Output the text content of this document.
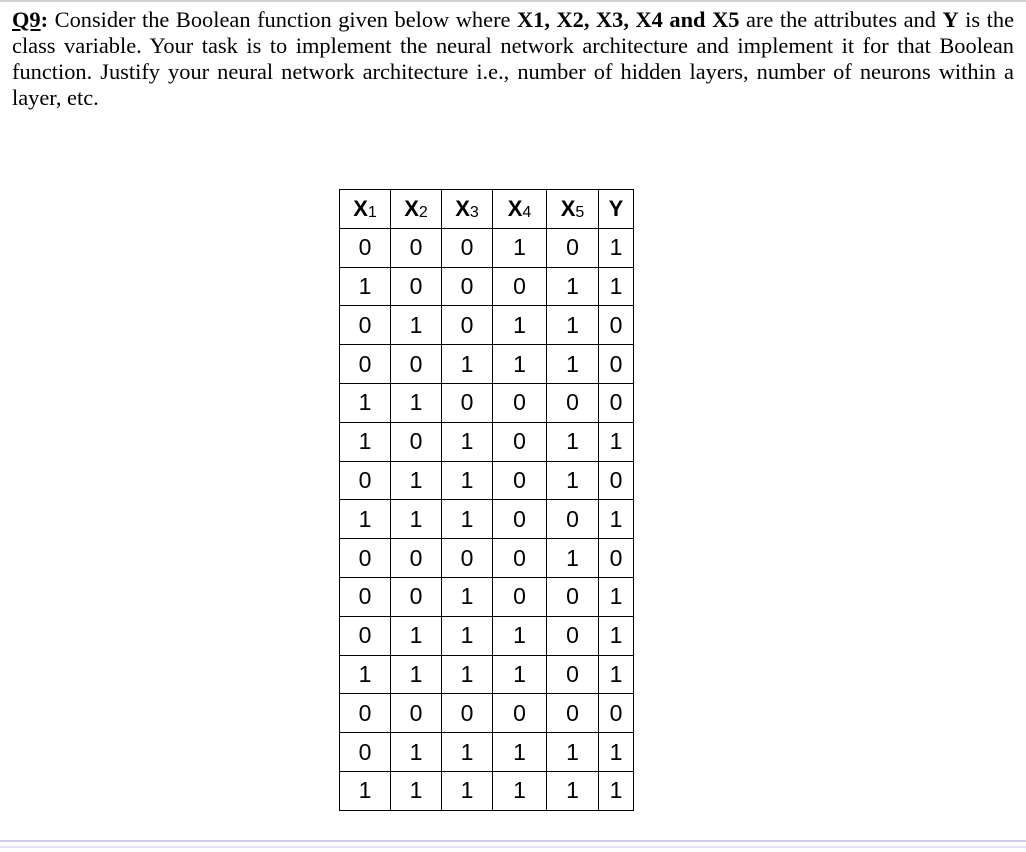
Q9: Consider the Boolean function given below where X1, X2, X3, X4 and X5 are the attributes and Y is the class variable. Your task is to implement the neural network architecture and implement it for that Boolean function. Justify your neural network architecture i.e., number of hidden layers, number of neurons within a layer, etc.
$X_1$	$X_2$	$X_3$	$X_4$	$X_5$	Y
0	0	0	1	0	1
1	0	0	0	1	1
0	1	0	1	1	0
0	0	1	1	1	0
1	1	0	0	0	0
1	0	1	0	1	1
0	1	1	0	1	0
1	1	1	0	0	1
0	0	0	0	1	0
0	0	1	0	0	1
0	1	1	1	0	1
1	1	1	1	0	1
0	0	0	0	0	0
0	1	1	1	1	1
1	1	1	1	1	1
